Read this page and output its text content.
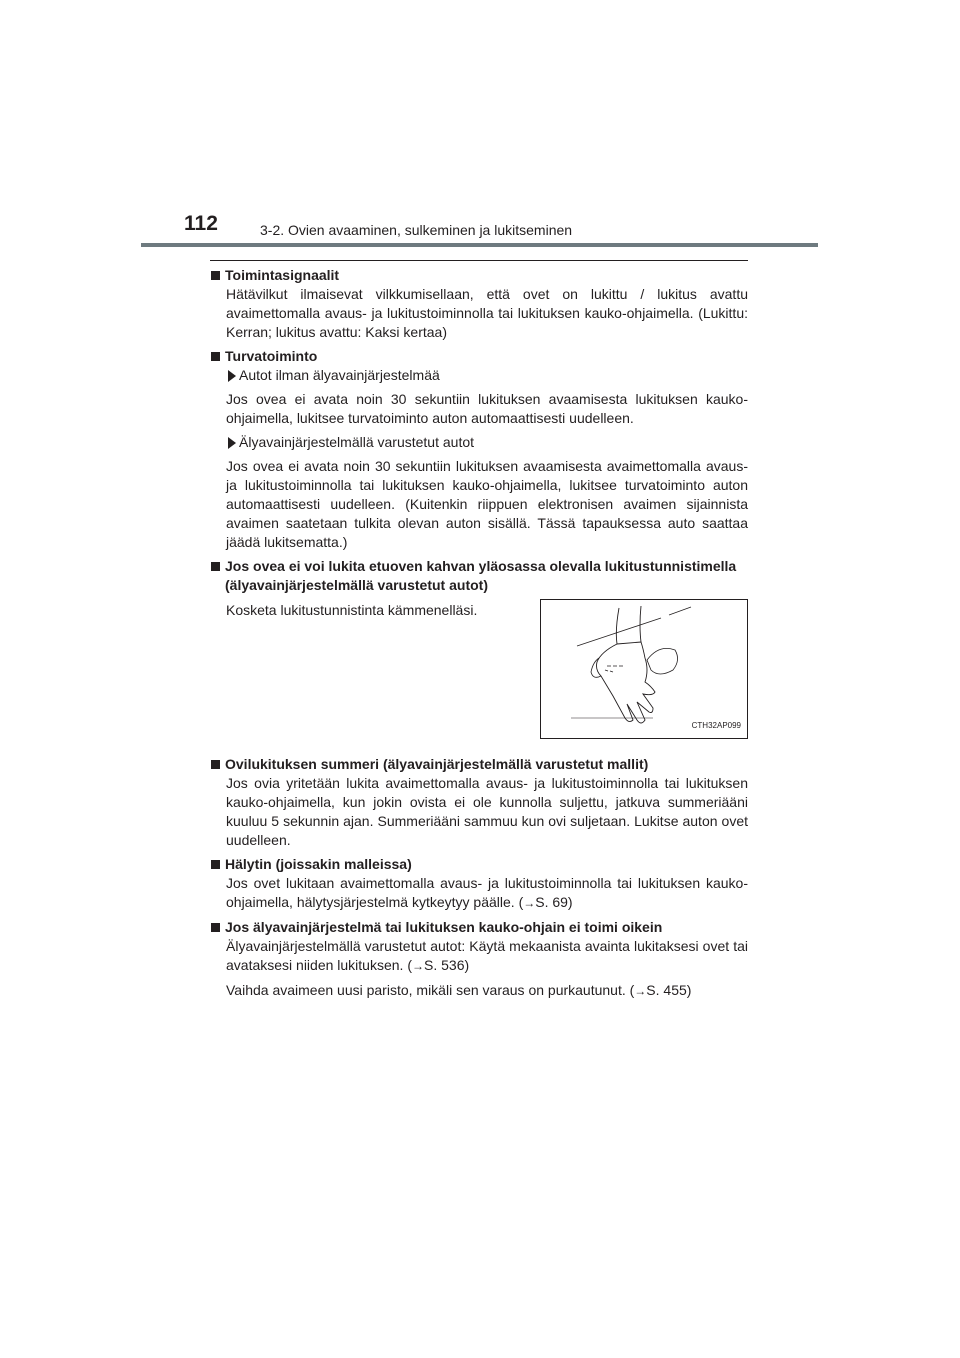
112	3-2. Ovien avaaminen, sulkeminen ja lukitseminen
Toimintasignaalit
Hätävilkut ilmaisevat vilkkumisellaan, että ovet on lukittu / lukitus avattu avaimettomalla avaus- ja lukitustoiminnolla tai lukituksen kauko-ohjaimella. (Lukittu: Kerran; lukitus avattu: Kaksi kertaa)
Turvatoiminto
Autot ilman älyavainjärjestelmää
Jos ovea ei avata noin 30 sekuntiin lukituksen avaamisesta lukituksen kauko-ohjaimella, lukitsee turvatoiminto auton automaattisesti uudelleen.
Älyavainjärjestelmällä varustetut autot
Jos ovea ei avata noin 30 sekuntiin lukituksen avaamisesta avaimettomalla avaus- ja lukitustoiminnolla tai lukituksen kauko-ohjaimella, lukitsee turvatoiminto auton automaattisesti uudelleen. (Kuitenkin riippuen elektronisen avaimen sijainnista avaimen saatetaan tulkita olevan auton sisällä. Tässä tapauksessa auto saattaa jäädä lukitsematta.)
Jos ovea ei voi lukita etuoven kahvan yläosassa olevalla lukitustunnistimella (älyavainjärjestelmällä varustetut autot)
Kosketa lukitustunnistinta kämmenelläsi.
CTH32AP099
Ovilukituksen summeri (älyavainjärjestelmällä varustetut mallit)
Jos ovia yritetään lukita avaimettomalla avaus- ja lukitustoiminnolla tai lukituksen kauko-ohjaimella, kun jokin ovista ei ole kunnolla suljettu, jatkuva summeriääni kuuluu 5 sekunnin ajan. Summeriääni sammuu kun ovi suljetaan. Lukitse auton ovet uudelleen.
Hälytin (joissakin malleissa)
Jos ovet lukitaan avaimettomalla avaus- ja lukitustoiminnolla tai lukituksen kauko-ohjaimella, hälytysjärjestelmä kytkeytyy päälle. (→S. 69)
Jos älyavainjärjestelmä tai lukituksen kauko-ohjain ei toimi oikein
Älyavainjärjestelmällä varustetut autot: Käytä mekaanista avainta lukitaksesi ovet tai avataksesi niiden lukituksen. (→S. 536)
Vaihda avaimeen uusi paristo, mikäli sen varaus on purkautunut. (→S. 455)
